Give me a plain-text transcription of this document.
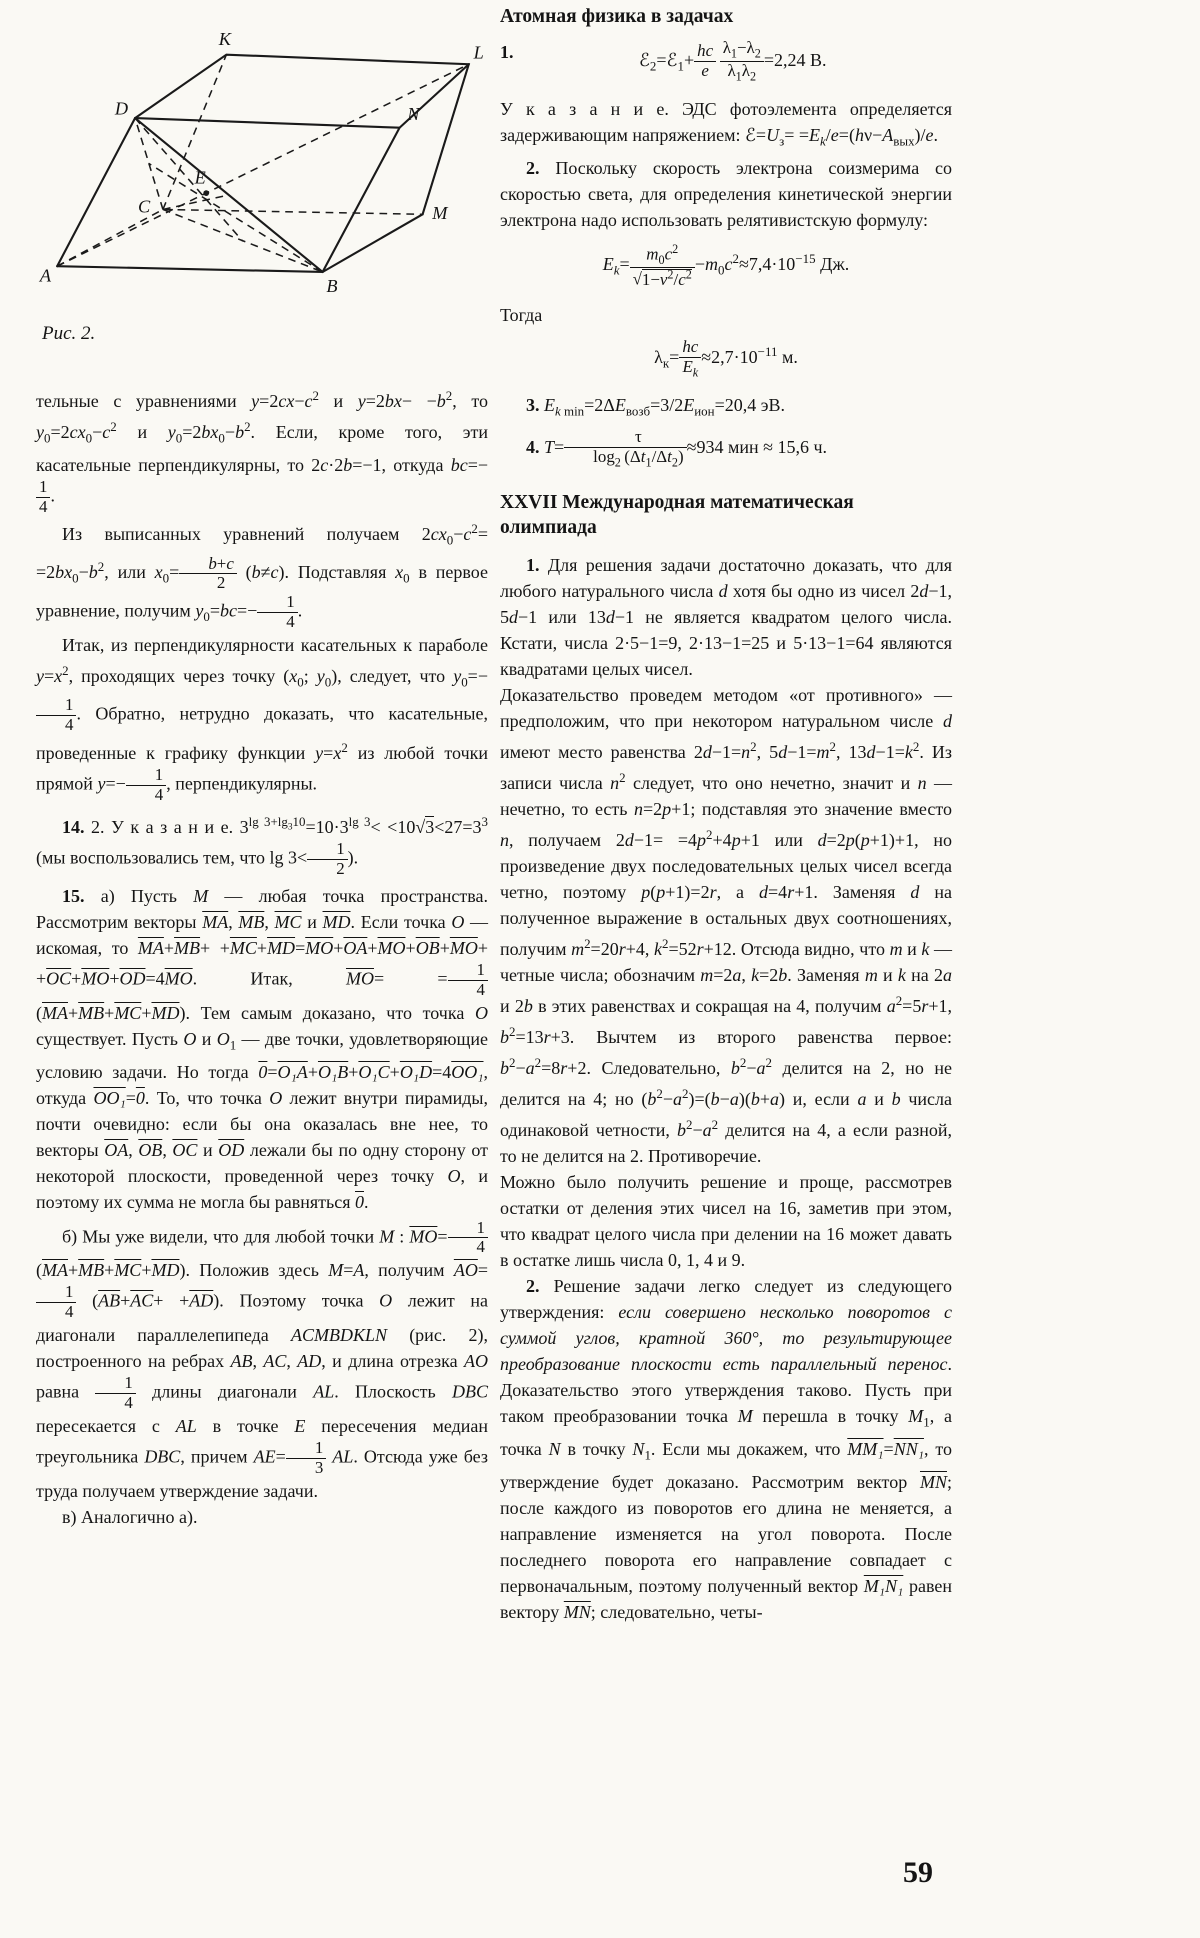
K
L
D	N
E
C	M
A
B
Рис. 2.

тельные с уравнениями $y=2cx-c^2$ и $y=2bx- -b^2$, то $y_0=2cx_0-c^2$ и $y_0=2bx_0-b^2$. Если, кроме того, эти касательные перпендикулярны, то 2c·2b=−1, откуда bc=−
$\frac{1}{4}$ .

Из выписанных уравнений получаем $2cx_0-c^2= =2bx_0-b^2$, или $x_0= \frac{b+c}{2} (b\ne c)$. Подставляя $x_0$ в первое уравнение, получим $y_0=bc=- \frac{1}{4}$ .

Итак, из перпендикулярности касательных к параболе $y=x^2$, проходящих через точку ($x_0$; $y_0$), следует, что $y_0=-$
$\frac{1}{4}$ . Обратно, нетрудно доказать, что касательные, проведенные к графику функции $y=x^2$ из любой точки прямой $y=- \frac{1}{4}$ , перпендикулярны.

14. 2. У к а з а н и е. $3^{lg 3+lg_310}=10\cdot 3^{lg 3}< <10√3<27=3^3$ (мы воспользовались тем, что $\lg 3< \frac{1}{2}$ ).

15. а) Пусть M — любая точка пространства. Рассмотрим векторы $\overline{MA}$, $\overline{MB}$, $\overline{MC}$ и $\overline{MD}$. Если точка O — искомая, то $\overline{MA}+\overline{MB}+ +\overline{MC}+\overline{MD}=\overline{MO}+\overline{OA}+\overline{MO}+\overline{OB}+\overline{MO}+ +\overline{OC}+\overline{MO}+\overline{OD}=4\overline{MO}$. Итак, $\overline{MO}= = \frac{1}{4}$
$(\overline{MA}+\overline{MB}+\overline{MC}+\overline{MD})$. Тем самым доказано, что точка O существует. Пусть O и $O_1$ — две точки, удовлетворяющие условию задачи. Но тогда 0=O₁A+O₁B+O₁C+O₁D=4OO₁, откуда OO₁=0. То, что точка O лежит внутри пирамиды, почти очевидно: если бы она оказалась вне нее, то векторы $\overline{OA}$, $\overline{OB}$, $\overline{OC}$ и $\overline{OD}$ лежали бы по одну сторону от некоторой плоскости, проведенной через точку O, и поэтому их сумма не могла бы равняться 0.

б) Мы уже видели, что для любой точки M : $\overline{MO}= \frac{1}{4}$
$(\overline{MA}+\overline{MB}+\overline{MC}+\overline{MD})$. Положив здесь M=A, получим $\overline{AO}=$
$\frac{1}{4} (\overline{AB}+\overline{AC}+ +\overline{AD})$. Поэтому точка O лежит на диагонали параллелепипеда ACMBDKLN (рис. 2), построенного на ребрах AB, AC, AD, и длина отрезка AO равна $\frac{1}{4}$ длины диагонали AL. Плоскость DBC пересекается с AL в точке E пересечения медиан треугольника DBC, причем $AE= \frac{1}{3}$ AL. Отсюда уже без труда получаем утверждение задачи.

в) Аналогично а).

Атомная физика в задачах
1.	ℰ$_2$=ℰ$_1$+ $\frac{hc}{e}$
  $\frac{\lambda_1-\lambda_2}{\lambda_1\lambda_2} =2,24$ В.

У к а з а н и е. ЭДС фотоэлемента определяется задерживающим напряжением: $ℰ=U_з= =E_k/e=(h\nu-A_{вых})/e$.

2. Поскольку скорость электрона соизмерима со скоростью света, для определения кинетической энергии электрона надо использовать релятивистскую формулу:

$E_k= \frac{m_0c^2}{√1-v^2/c^2} -m_0c^2\approx 7,4\cdot 10^{-15}$ Дж.

Тогда

$\lambda_к= \frac{hc}{E_k} \approx 2,7\cdot 10^{-11}$ м.

3. $E_{k min}=2\Delta E_{возб}=3/2E_{ион}=20,4$ эВ.

4. $T= \frac{\tau}{\log_2 (\Delta t_1/\Delta t_2)} \approx 934$ мин ≈ 15,6 ч.

XXVII Международная математическая олимпиада

1. Для решения задачи достаточно доказать, что для любого натурального числа d хотя бы одно из чисел 2d−1, 5d−1 или 13d−1 не является квадратом целого числа. Кстати, числа 2·5−1=9, 2·13−1=25 и 5·13−1=64 являются квадратами целых чисел.

Доказательство проведем методом «от противного» — предположим, что при некотором натуральном числе d имеют место равенства $2d-1=n^2$, $5d-1=m^2$, $13d-1=k^2$. Из записи числа $n^2$ следует, что оно нечетно, значит и n — нечетно, то есть n=2p+1; подставляя это значение вместо n, получаем $2d-1= =4p^2+4p+1$ или d=2p(p+1)+1, но произведение двух последовательных целых чисел всегда четно, поэтому p(p+1)=2r, а d=4r+1. Заменяя d на полученное выражение в остальных двух соотношениях, получим $m^2=20r+4$, $k^2=52r+12$. Отсюда видно, что m и k — четные числа; обозначим m=2a, k=2b. Заменяя m и k на 2a и 2b в этих равенствах и сокращая на 4, получим $a^2=5r+1$, $b^2=13r+3$. Вычтем из второго равенства первое: $b^2-a^2=8r+2$. Следовательно, $b^2-a^2$ делится на 2, но не делится на 4; но $(b^2-a^2)=(b-a)(b+a)$ и, если a и b числа одинаковой четности, $b^2-a^2$ делится на 4, а если разной, то не делится на 2. Противоречие.

Можно было получить решение и проще, рассмотрев остатки от деления этих чисел на 16, заметив при этом, что квадрат целого числа при делении на 16 может давать в остатке лишь числа 0, 1, 4 и 9.

2. Решение задачи легко следует из следующего утверждения: если совершено несколько поворотов с суммой углов, кратной 360°, то результирующее преобразование плоскости есть параллельный перенос. Доказательство этого утверждения таково. Пусть при таком преобразовании точка M перешла в точку $M_1$, а точка N в точку $N_1$. Если мы докажем, что MM₁=NN₁, то утверждение будет доказано. Рассмотрим вектор $\overline{MN}$; после каждого из поворотов его длина не меняется, а направление изменяется на угол поворота. После последнего поворота его направление совпадает с первоначальным, поэтому полученный вектор M₁N₁ равен вектору $\overline{MN}$; следовательно, четы-

59
